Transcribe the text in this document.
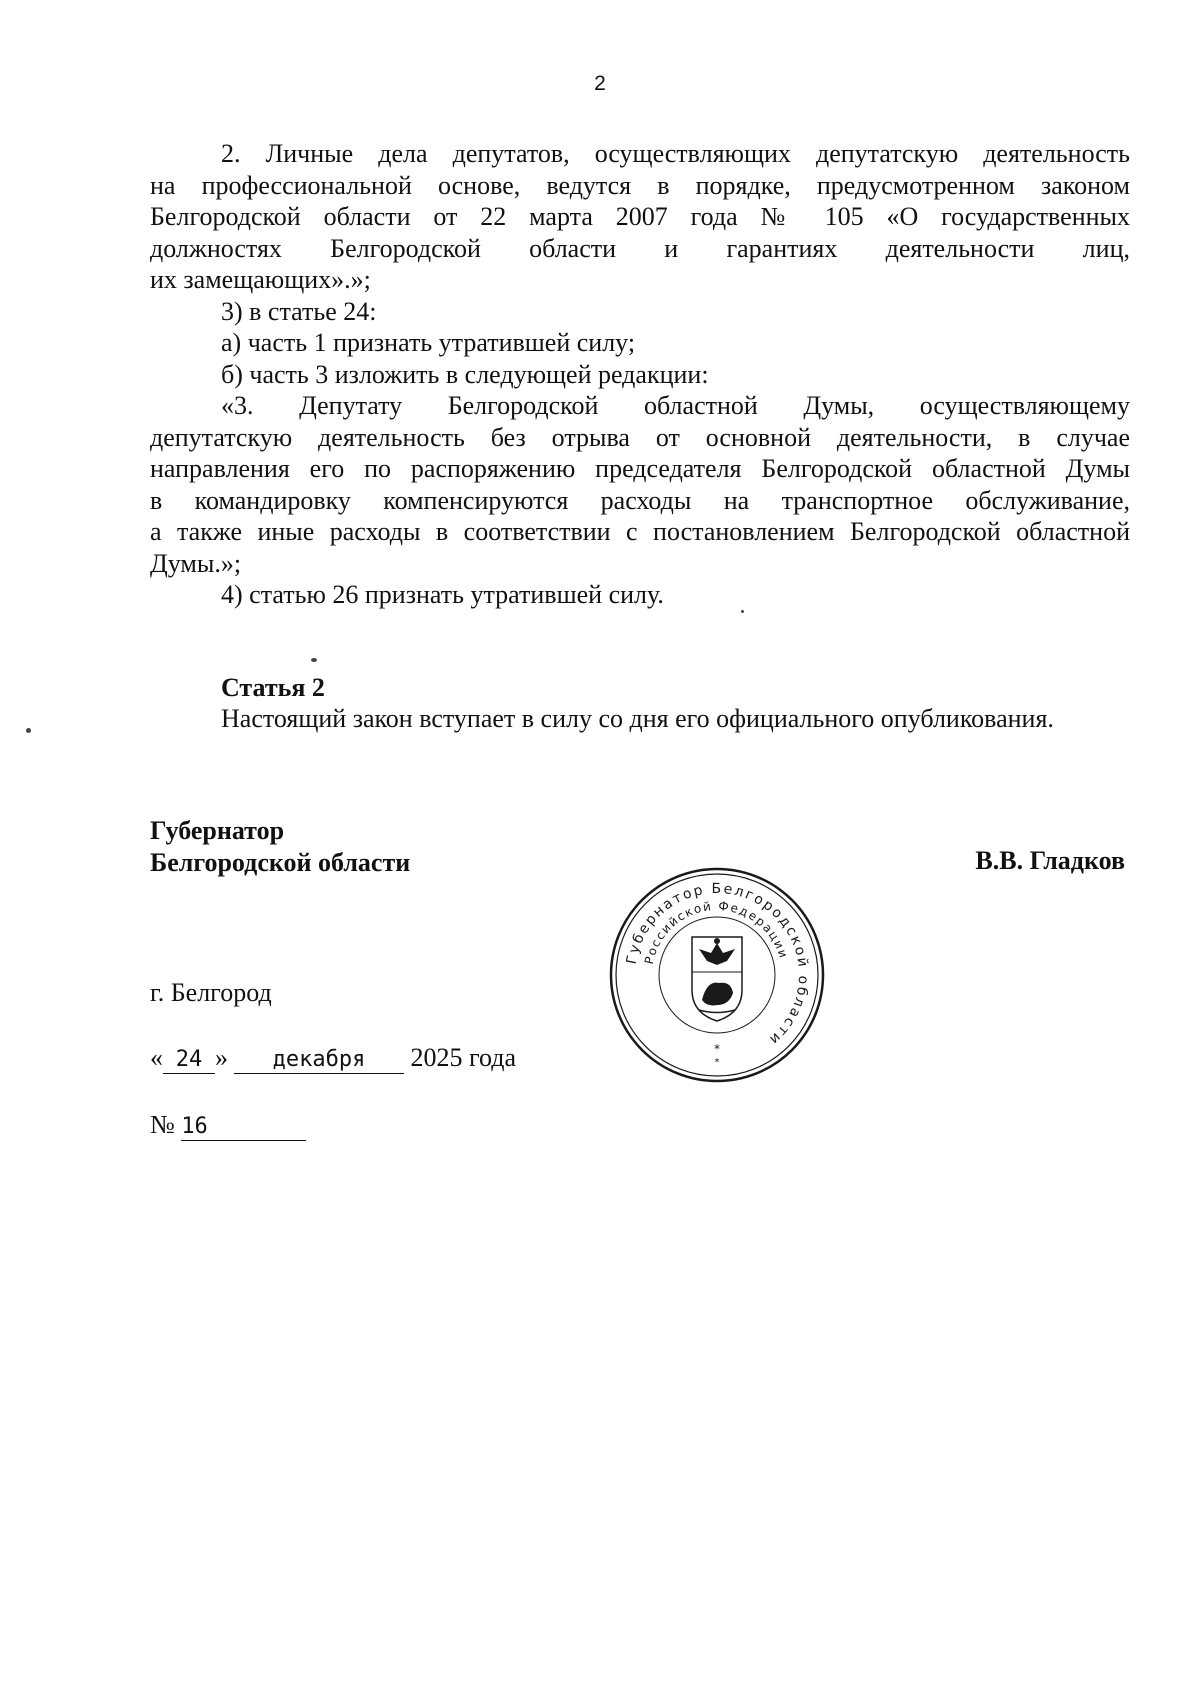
2

2. Личные дела депутатов, осуществляющих депутатскую деятельность

на профессиональной основе, ведутся в порядке, предусмотренном законом

Белгородской области от 22 марта 2007 года № 105 «О государственных

должностях Белгородской области и гарантиях деятельности лиц,

их замещающих».»;

3) в статье 24:

а) часть 1 признать утратившей силу;

б) часть 3 изложить в следующей редакции:

«3. Депутату Белгородской областной Думы, осуществляющему

депутатскую деятельность без отрыва от основной деятельности, в случае

направления его по распоряжению председателя Белгородской областной Думы

в командировку компенсируются расходы на транспортное обслуживание,

а также иные расходы в соответствии с постановлением Белгородской областной

Думы.»;

4) статью 26 признать утратившей силу.

Статья 2
Настоящий закон вступает в силу со дня его официального опубликования.
Губернатор
Белгородской области	В.В. Гладков
Губернатор Белгородской области
Российской Федерации
*
*
г. Белгород
« 24 » декабря 2025 года
№ 16
